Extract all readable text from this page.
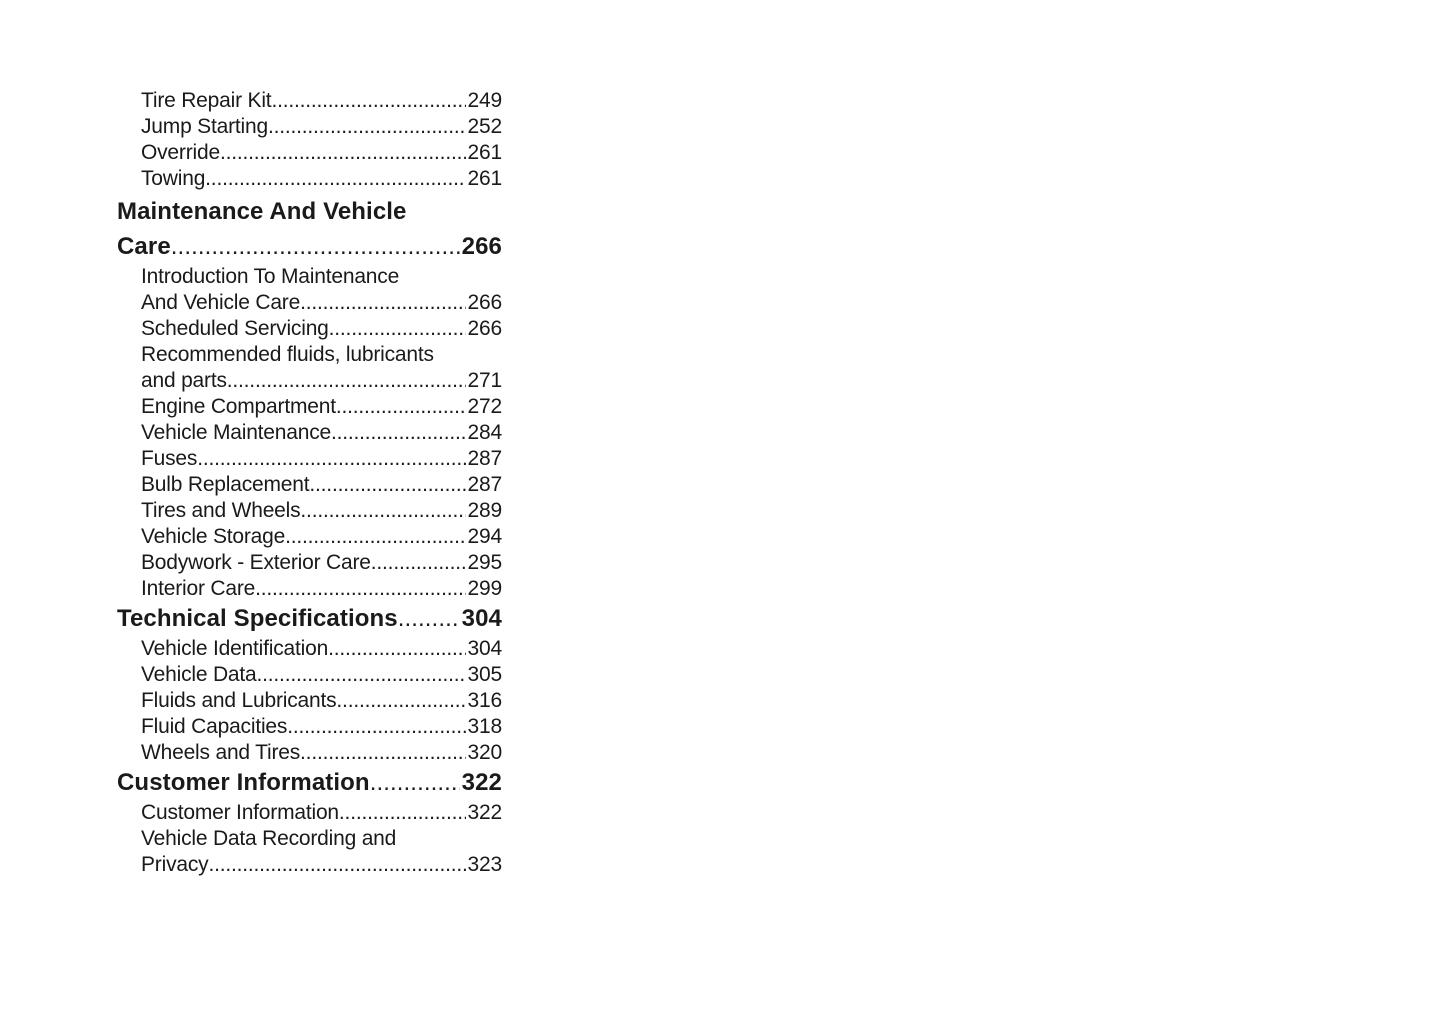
Tire Repair Kit .....	249
Jump Starting .....	252
Override .....	261
Towing .....	261
Maintenance And Vehicle
Care .....	266
Introduction To Maintenance
And Vehicle Care .....	266
Scheduled Servicing .....	266
Recommended fluids, lubricants
and parts .....	271
Engine Compartment .....	272
Vehicle Maintenance .....	284
Fuses .....	287
Bulb Replacement .....	287
Tires and Wheels .....	289
Vehicle Storage .....	294
Bodywork - Exterior Care .....	295
Interior Care .....	299
Technical Specifications .....	304
Vehicle Identification .....	304
Vehicle Data .....	305
Fluids and Lubricants .....	316
Fluid Capacities .....	318
Wheels and Tires .....	320
Customer Information .....	322
Customer Information .....	322
Vehicle Data Recording and
Privacy .....	323
